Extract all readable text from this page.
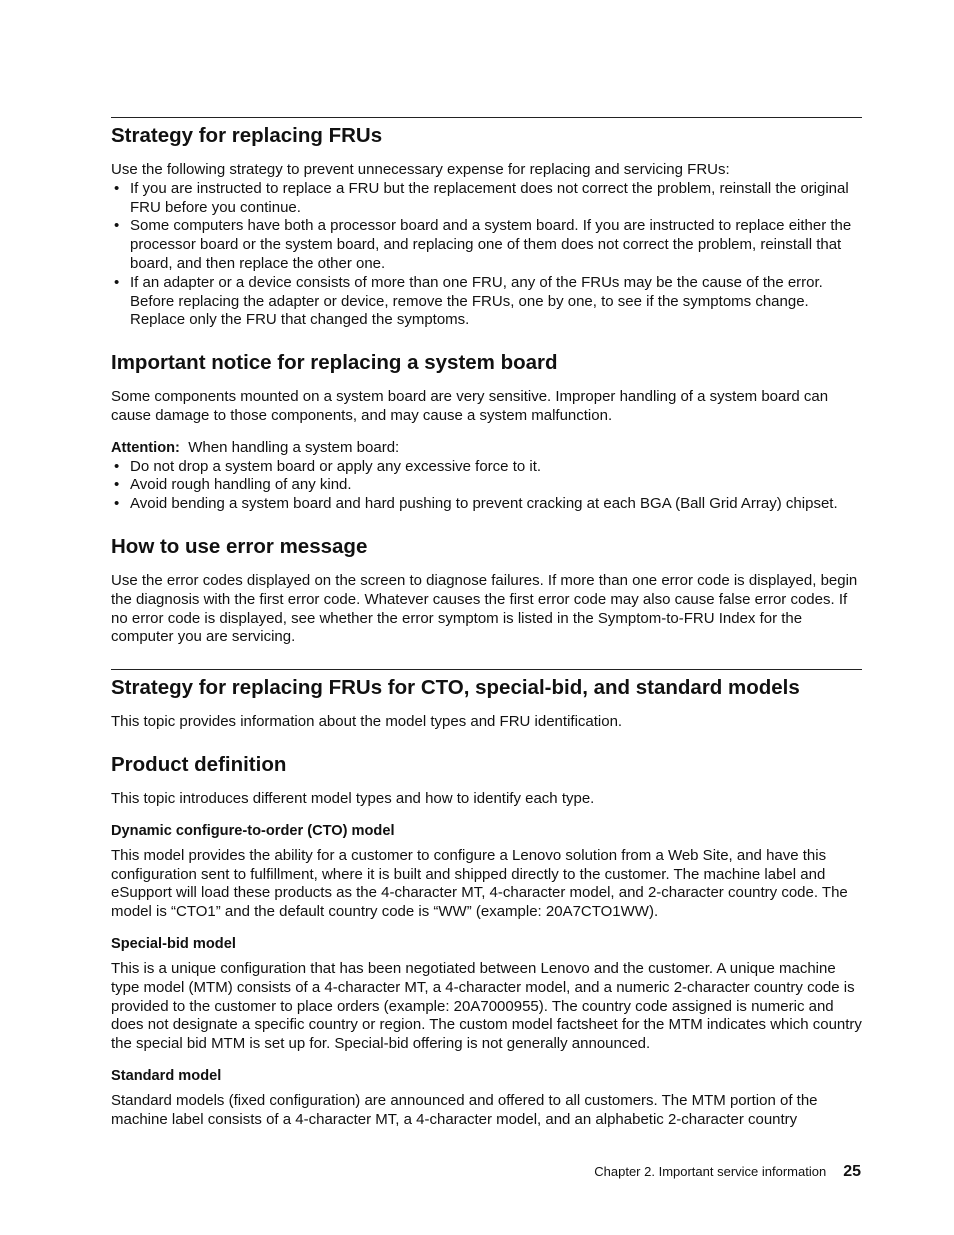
Strategy for replacing FRUs

Use the following strategy to prevent unnecessary expense for replacing and servicing FRUs:

• If you are instructed to replace a FRU but the replacement does not correct the problem, reinstall the original FRU before you continue.
• Some computers have both a processor board and a system board. If you are instructed to replace either the processor board or the system board, and replacing one of them does not correct the problem, reinstall that board, and then replace the other one.
• If an adapter or a device consists of more than one FRU, any of the FRUs may be the cause of the error. Before replacing the adapter or device, remove the FRUs, one by one, to see if the symptoms change. Replace only the FRU that changed the symptoms.
Important notice for replacing a system board

Some components mounted on a system board are very sensitive. Improper handling of a system board can cause damage to those components, and may cause a system malfunction.

Attention: When handling a system board:

• Do not drop a system board or apply any excessive force to it.
• Avoid rough handling of any kind.
• Avoid bending a system board and hard pushing to prevent cracking at each BGA (Ball Grid Array) chipset.
How to use error message

Use the error codes displayed on the screen to diagnose failures. If more than one error code is displayed, begin the diagnosis with the first error code. Whatever causes the first error code may also cause false error codes. If no error code is displayed, see whether the error symptom is listed in the Symptom-to-FRU Index for the computer you are servicing.

Strategy for replacing FRUs for CTO, special-bid, and standard models

This topic provides information about the model types and FRU identification.

Product definition

This topic introduces different model types and how to identify each type.

Dynamic configure-to-order (CTO) model

This model provides the ability for a customer to configure a Lenovo solution from a Web Site, and have this configuration sent to fulfillment, where it is built and shipped directly to the customer. The machine label and eSupport will load these products as the 4-character MT, 4-character model, and 2-character country code. The model is “CTO1” and the default country code is “WW” (example: 20A7CTO1WW).

Special-bid model

This is a unique configuration that has been negotiated between Lenovo and the customer. A unique machine type model (MTM) consists of a 4-character MT, a 4-character model, and a numeric 2-character country code is provided to the customer to place orders (example: 20A7000955). The country code assigned is numeric and does not designate a specific country or region. The custom model factsheet for the MTM indicates which country the special bid MTM is set up for. Special-bid offering is not generally announced.

Standard model

Standard models (fixed configuration) are announced and offered to all customers. The MTM portion of the machine label consists of a 4-character MT, a 4-character model, and an alphabetic 2-character country

Chapter 2. Important service information 25
